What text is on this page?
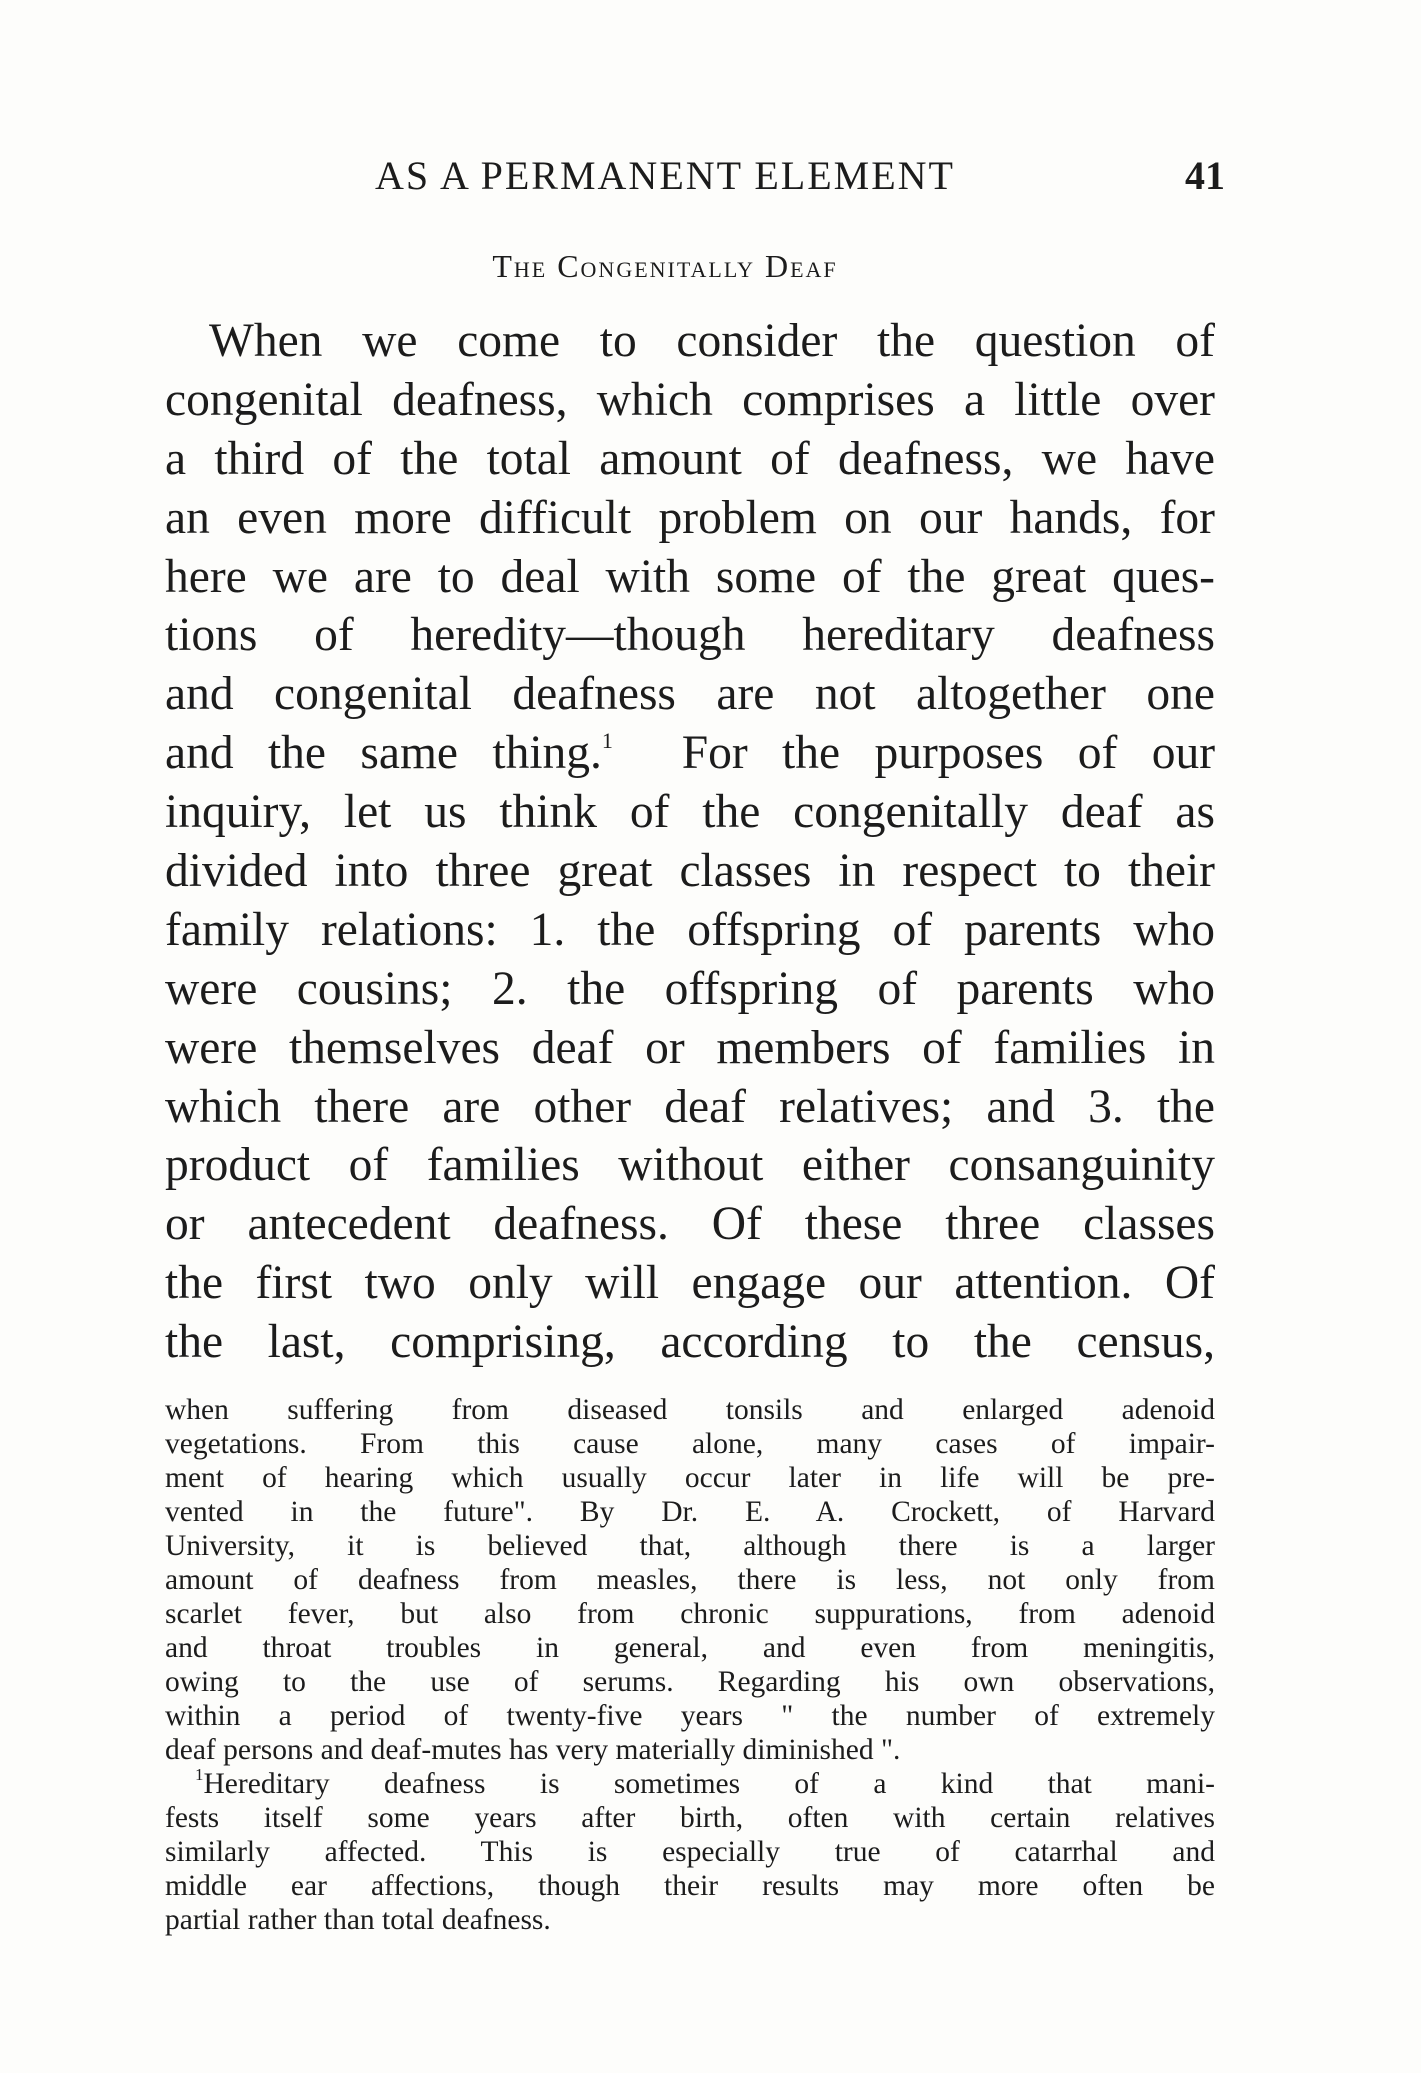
AS A PERMANENT ELEMENT	41
The Congenitally Deaf
When we come to consider the question of
congenital deafness, which comprises a little over
a third of the total amount of deafness, we have
an even more difficult problem on our hands, for
here we are to deal with some of the great ques-
tions of heredity—though hereditary deafness
and congenital deafness are not altogether one
and the same thing.$^1$ For the purposes of our
inquiry, let us think of the congenitally deaf as
divided into three great classes in respect to their
family relations: 1. the offspring of parents who
were cousins; 2. the offspring of parents who
were themselves deaf or members of families in
which there are other deaf relatives; and 3. the
product of families without either consanguinity
or antecedent deafness. Of these three classes
the first two only will engage our attention. Of
the last, comprising, according to the census,
when suffering from diseased tonsils and enlarged adenoid
vegetations. From this cause alone, many cases of impair-
ment of hearing which usually occur later in life will be pre-
vented in the future". By Dr. E. A. Crockett, of Harvard
University, it is believed that, although there is a larger
amount of deafness from measles, there is less, not only from
scarlet fever, but also from chronic suppurations, from adenoid
and throat troubles in general, and even from meningitis,
owing to the use of serums. Regarding his own observations,
within a period of twenty-five years " the number of extremely
deaf persons and deaf-mutes has very materially diminished ".
$^1$Hereditary deafness is sometimes of a kind that mani-
fests itself some years after birth, often with certain relatives
similarly affected. This is especially true of catarrhal and
middle ear affections, though their results may more often be
partial rather than total deafness.
